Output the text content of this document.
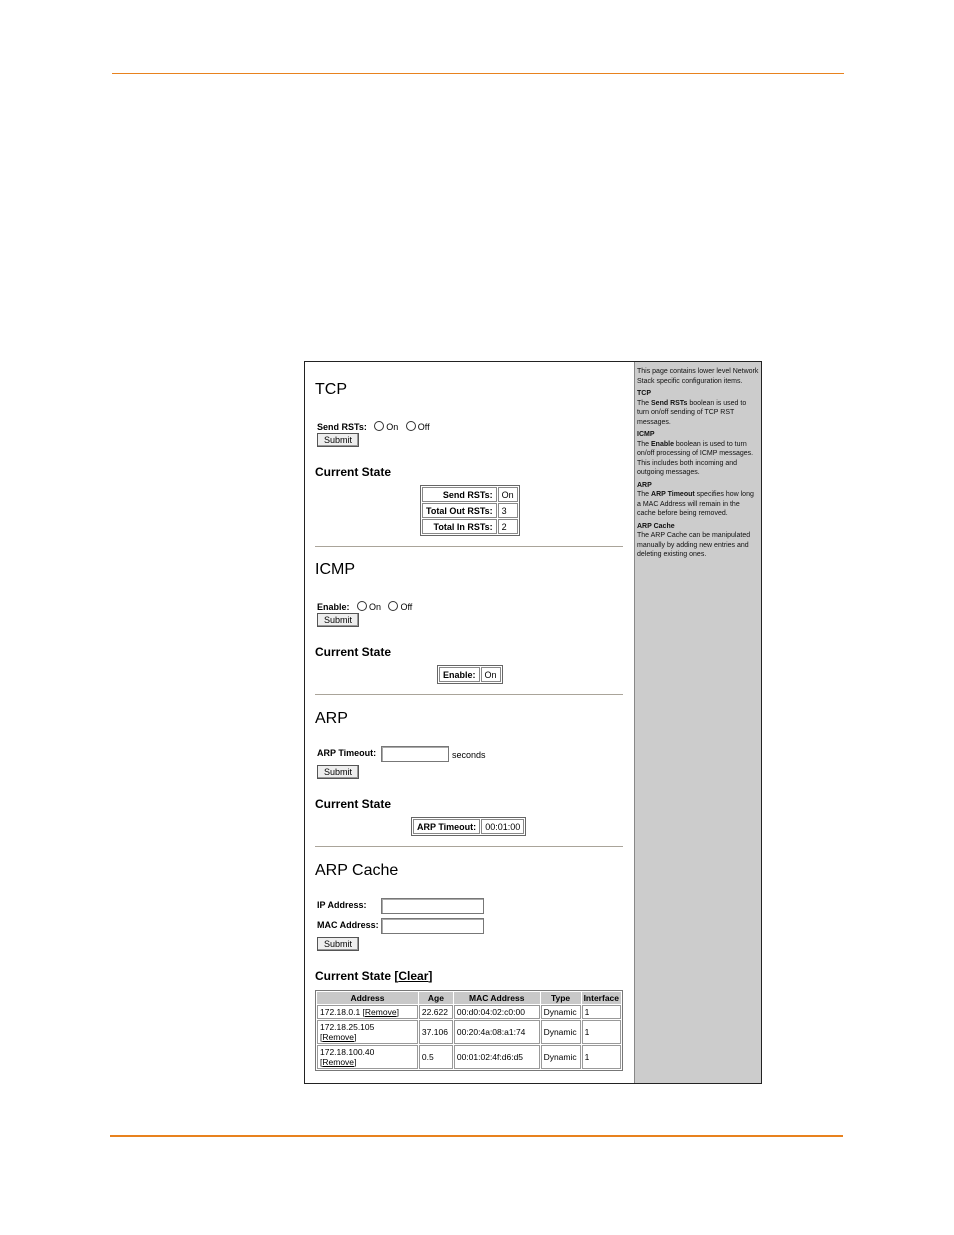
TCP
Send RSTs: On Off
Submit
Current State
Send RSTs:	On
Total Out RSTs:	3
Total In RSTs:	2
ICMP
Enable: On Off
Submit
Current State
Enable:	On
ARP
ARP Timeout:	seconds
Submit
Current State
ARP Timeout:	00:01:00
ARP Cache
IP Address:
MAC Address:
Submit
Current State [Clear]
Address	Age	MAC Address	Type	Interface
172.18.0.1 [Remove]	22.622	00:d0:04:02:c0:00	Dynamic	1
172.18.25.105
[Remove]	37.106	00:20:4a:08:a1:74	Dynamic	1
172.18.100.40
[Remove]	0.5	00:01:02:4f:d6:d5	Dynamic	1

This page contains lower level Network Stack specific configuration items.

TCP
The Send RSTs boolean is used to turn on/off sending of TCP RST messages.

ICMP
The Enable boolean is used to turn on/off processing of ICMP messages. This includes both incoming and outgoing messages.

ARP
The ARP Timeout specifies how long a MAC Address will remain in the cache before being removed.

ARP Cache
The ARP Cache can be manipulated manually by adding new entries and deleting existing ones.
